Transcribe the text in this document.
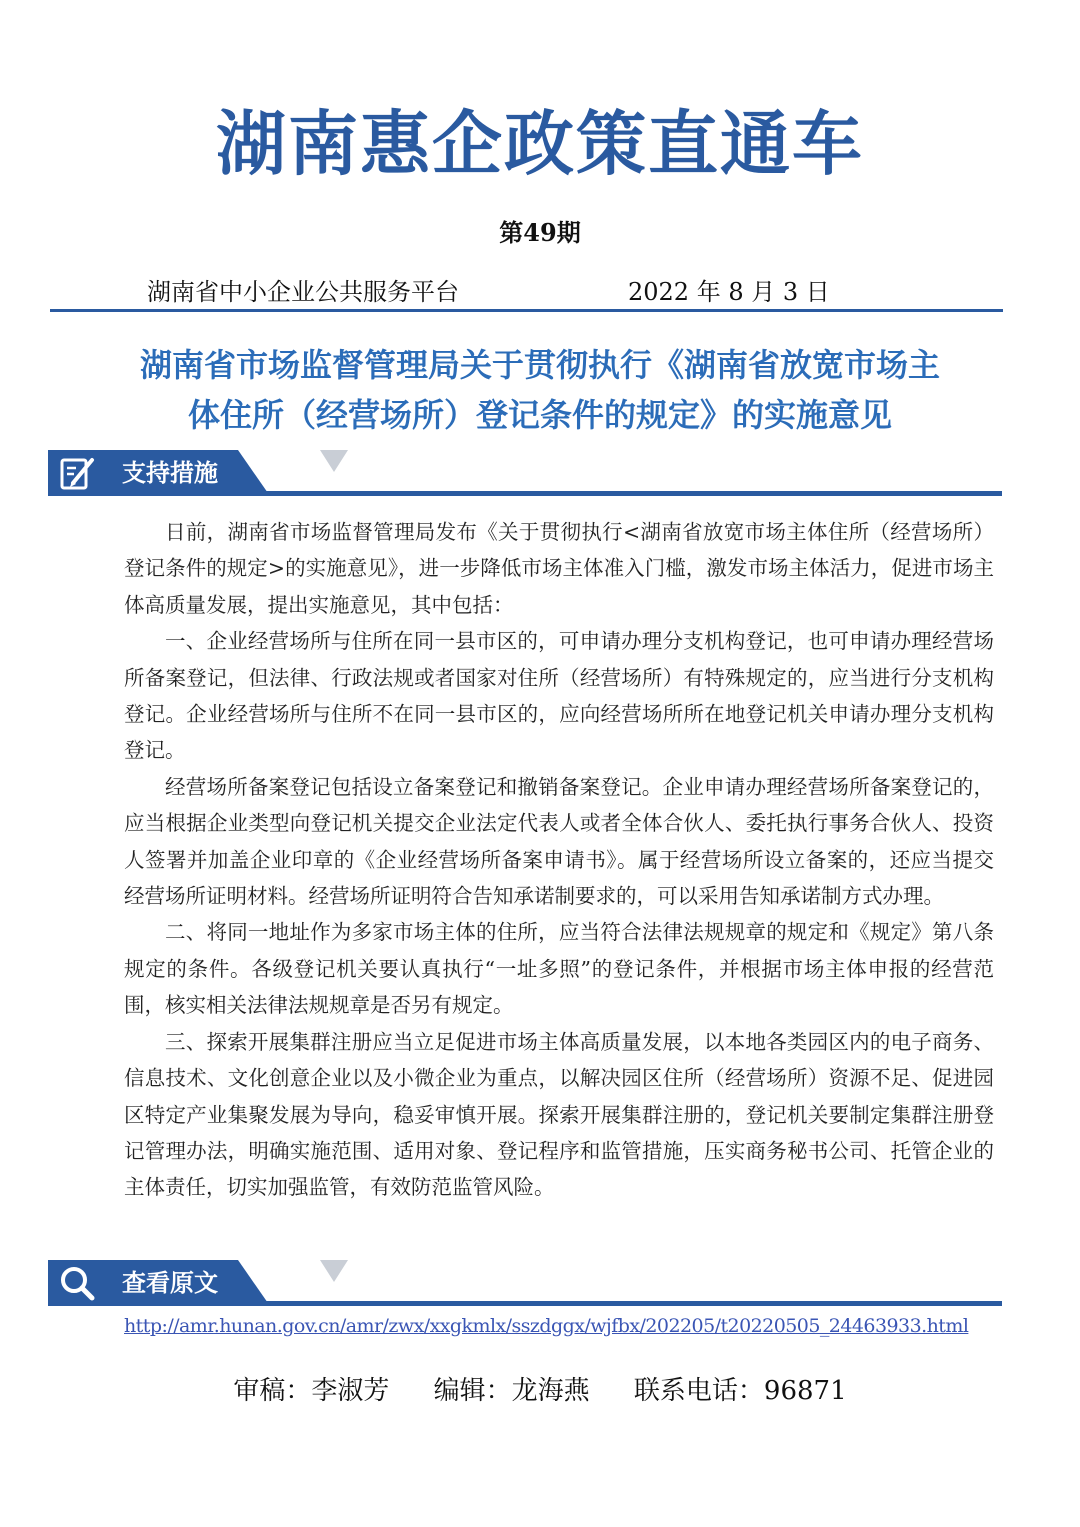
湖南惠企政策直通车
第49期
湖南省中小企业公共服务平台	2022 年 8 月 3 日
湖南省市场监督管理局关于贯彻执行《湖南省放宽市场主
体住所（经营场所）登记条件的规定》的实施意见
支持措施

日前，湖南省市场监督管理局发布《关于贯彻执行<湖南省放宽市场主体住所（经营场所）登记条件的规定>的实施意见》，进一步降低市场主体准入门槛，激发市场主体活力，促进市场主体高质量发展，提出实施意见，其中包括：

一、企业经营场所与住所在同一县市区的，可申请办理分支机构登记，也可申请办理经营场所备案登记，但法律、行政法规或者国家对住所（经营场所）有特殊规定的，应当进行分支机构登记。企业经营场所与住所不在同一县市区的，应向经营场所所在地登记机关申请办理分支机构登记。

经营场所备案登记包括设立备案登记和撤销备案登记。企业申请办理经营场所备案登记的，应当根据企业类型向登记机关提交企业法定代表人或者全体合伙人、委托执行事务合伙人、投资人签署并加盖企业印章的《企业经营场所备案申请书》。属于经营场所设立备案的，还应当提交经营场所证明材料。经营场所证明符合告知承诺制要求的，可以采用告知承诺制方式办理。

二、将同一地址作为多家市场主体的住所，应当符合法律法规规章的规定和《规定》第八条规定的条件。各级登记机关要认真执行“一址多照”的登记条件，并根据市场主体申报的经营范围，核实相关法律法规规章是否另有规定。

三、探索开展集群注册应当立足促进市场主体高质量发展，以本地各类园区内的电子商务、信息技术、文化创意企业以及小微企业为重点，以解决园区住所（经营场所）资源不足、促进园区特定产业集聚发展为导向，稳妥审慎开展。探索开展集群注册的，登记机关要制定集群注册登记管理办法，明确实施范围、适用对象、登记程序和监管措施，压实商务秘书公司、托管企业的主体责任，切实加强监管，有效防范监管风险。

查看原文
http://amr.hunan.gov.cn/amr/zwx/xxgkmlx/sszdggx/wjfbx/202205/t20220505_24463933.html
审稿：李淑芳 编辑：龙海燕 联系电话：96871
